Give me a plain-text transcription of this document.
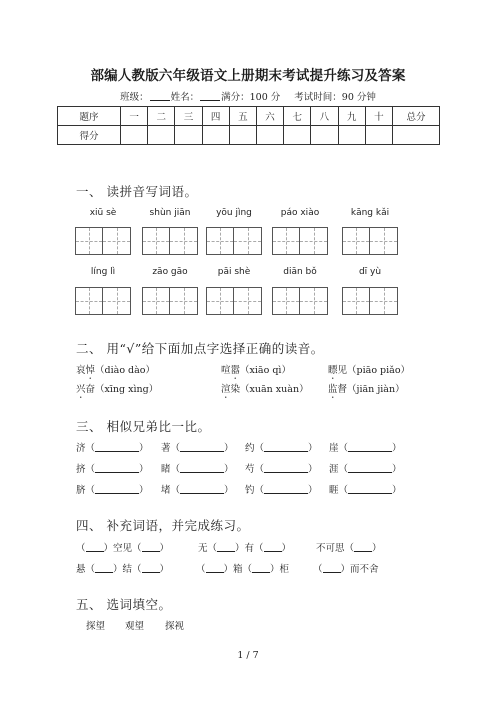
部编人教版六年级语文上册期末考试提升练习及答案
班级： 姓名： 满分：100 分 考试时间：90 分钟
题序	一	二	三	四	五	六	七	八	九	十	总分
得分											
一、 读拼音写词语。
xiū sè	shùn jiān	yōu jìng	páo xiào	kāng kǎi
líng lì	zāo gāo	pāi shè	diān bǒ	dī yù
二、 用“√”给下面加点字选择正确的读音。
哀悼（diào dào）	喧嚣（xiāo qì）	瞟见（piāo piǎo）
兴奋（xīng xìng）	渲染（xuān xuàn） 监督（jiān jiàn）
三、 相似兄弟比一比。
济（	） 著（	） 约（	） 崖（	）
挤（	） 睹（	） 芍（	） 涯（	）
脐（	） 堵（	） 钓（	） 睚（	）
四、 补充词语，并完成练习。
（ ）空见（ ）	无（ ）有（ ）	不可思（ ）
悬（ ）结（ ）	（ ）箱（ ）柜	（ ）而不舍
五、 选词填空。
探望 观望 探视
1 / 7
